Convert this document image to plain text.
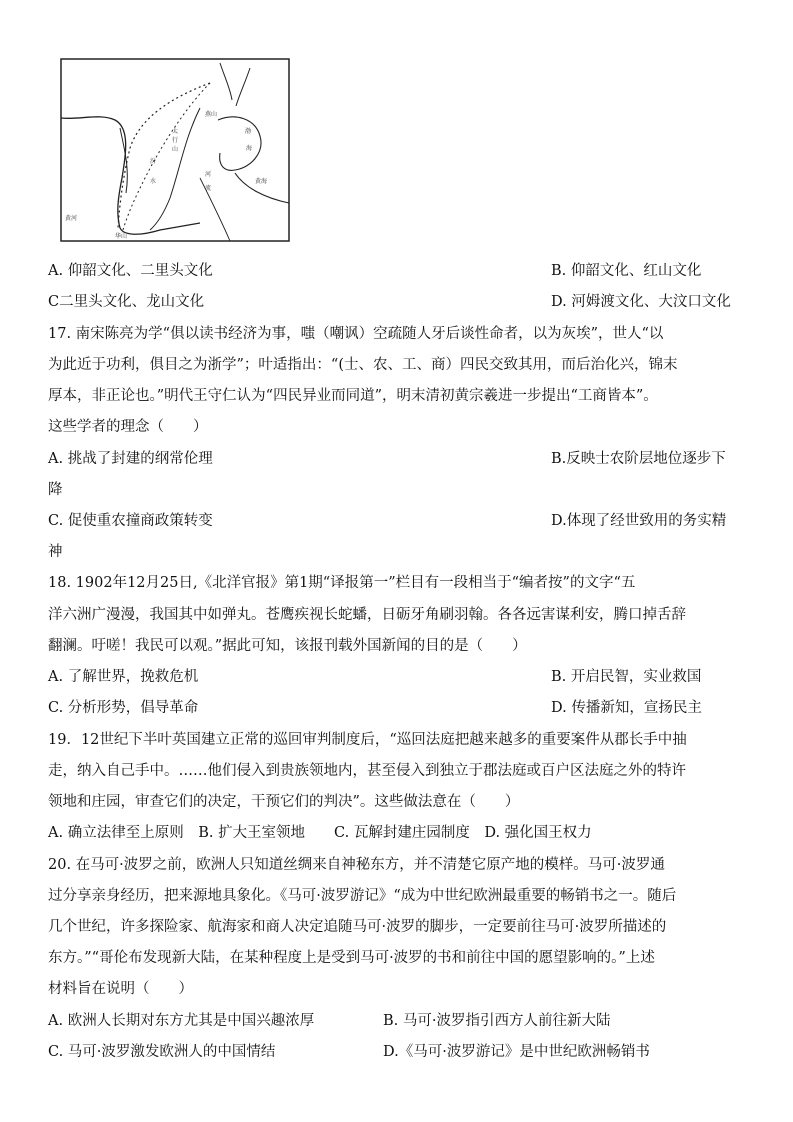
燕山
渤
海
太
行
山
汾
水
河
流
黄河
华山
黄海
A. 仰韶文化、二里头文化	B. 仰韶文化、红山文化
C二里头文化、龙山文化	D. 河姆渡文化、大汶口文化
17. 南宋陈亮为学“俱以读书经济为事，嗤（嘲讽）空疏随人牙后谈性命者，以为灰埃”，世人“以
为此近于功利，俱目之为浙学”；叶适指出：“(士、农、工、商）四民交致其用，而后治化兴，锦末
厚本，非正论也。”明代王守仁认为“四民异业而同道”，明末清初黄宗羲进一步提出“工商皆本”。
这些学者的理念（　　）
A. 挑战了封建的纲常伦理	B.反映士农阶层地位逐步下
降
C. 促使重农撞商政策转变	D.体现了经世致用的务实精
神
18. 1902年12月25日,《北洋官报》第1期“译报第一”栏目有一段相当于“编者按”的文字“五
洋六洲广漫漫，我国其中如弹丸。苍鹰疾视长蛇蟠，日砺牙角刷羽翰。各各远害谋利安，腾口掉舌辞
翻澜。吁嗟！我民可以观。”据此可知，该报刊载外国新闻的目的是（　　）
A. 了解世界，挽救危机	B. 开启民智，实业救国
C. 分析形势，倡导革命	D. 传播新知，宣扬民主
19．12世纪下半叶英国建立正常的巡回审判制度后，“巡回法庭把越来越多的重要案件从郡长手中抽
走，纳入自己手中。……他们侵入到贵族领地内，甚至侵入到独立于郡法庭或百户区法庭之外的特许
领地和庄园，审查它们的决定，干预它们的判决”。这些做法意在（　　）
A. 确立法律至上原则　B. 扩大王室领地　　C. 瓦解封建庄园制度　D. 强化国王权力
20. 在马可·波罗之前，欧洲人只知道丝绸来自神秘东方，并不清楚它原产地的模样。马可·波罗通
过分享亲身经历，把来源地具象化。《马可·波罗游记》“成为中世纪欧洲最重要的畅销书之一。随后
几个世纪，许多探险家、航海家和商人决定追随马可·波罗的脚步，一定要前往马可·波罗所描述的
东方。”“哥伦布发现新大陆，在某种程度上是受到马可·波罗的书和前往中国的愿望影响的。”上述
材料旨在说明（　　）
A. 欧洲人长期对东方尤其是中国兴趣浓厚	B. 马可·波罗指引西方人前往新大陆
C. 马可·波罗激发欧洲人的中国情结	D.《马可·波罗游记》是中世纪欧洲畅销书
